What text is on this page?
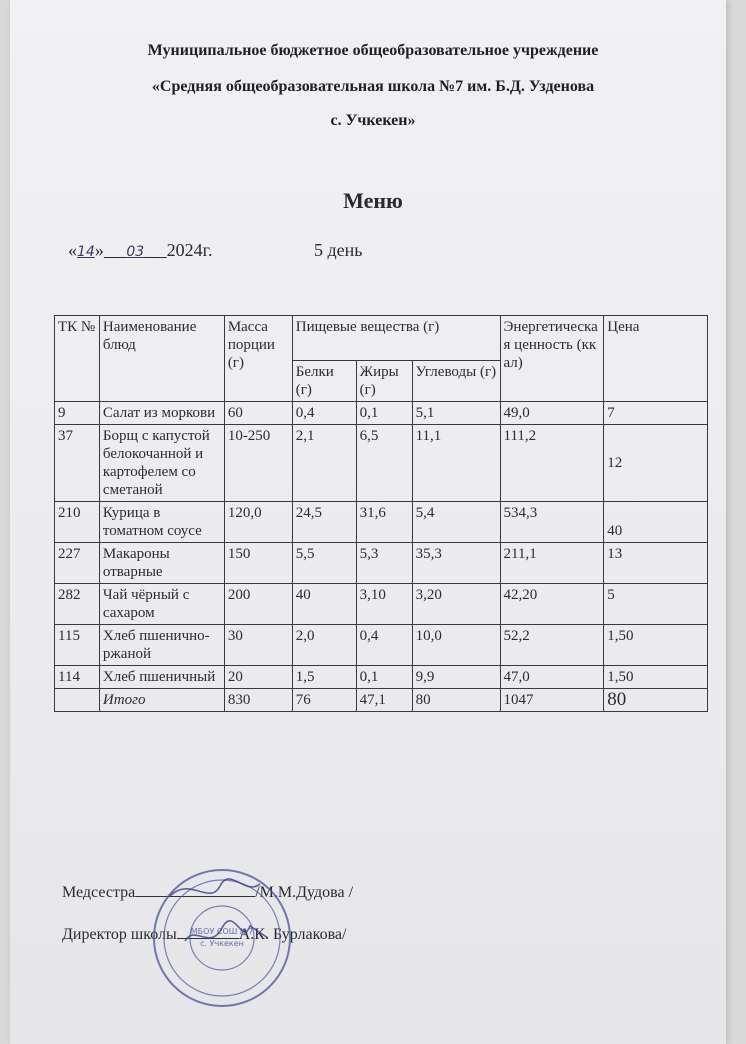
Муниципальное бюджетное общеобразовательное учреждение
«Средняя общеобразовательная школа №7 им. Б.Д. Узденова
с. Учкекен»
Меню
«14» 03 2024г.	5 день
ТК №	Наименование блюд	Масса порции (г)	Пищевые вещества (г)			Энергетическая ценность (ккал)	Цена
			Белки (г)	Жиры (г)	Углеводы (г)		
9	Салат из моркови	60	0,4	0,1	5,1	49,0	7
37	Борщ с капустой белокочанной и картофелем со сметаной	10-250	2,1	6,5	11,1	111,2	12
210	Курица в томатном соусе	120,0	24,5	31,6	5,4	534,3	40
227	Макароны отварные	150	5,5	5,3	35,3	211,1	13
282	Чай чёрный с сахаром	200	40	3,10	3,20	42,20	5
115	Хлеб пшенично-ржаной	30	2,0	0,4	10,0	52,2	1,50
114	Хлеб пшеничный	20	1,5	0,1	9,9	47,0	1,50
	Итого	830	76	47,1	80	1047	80
Медсестра	/М.М.Дудова /
Директор школы	А.К. Бурлакова/
МБОУ СОШ №7
с. Учкекен
